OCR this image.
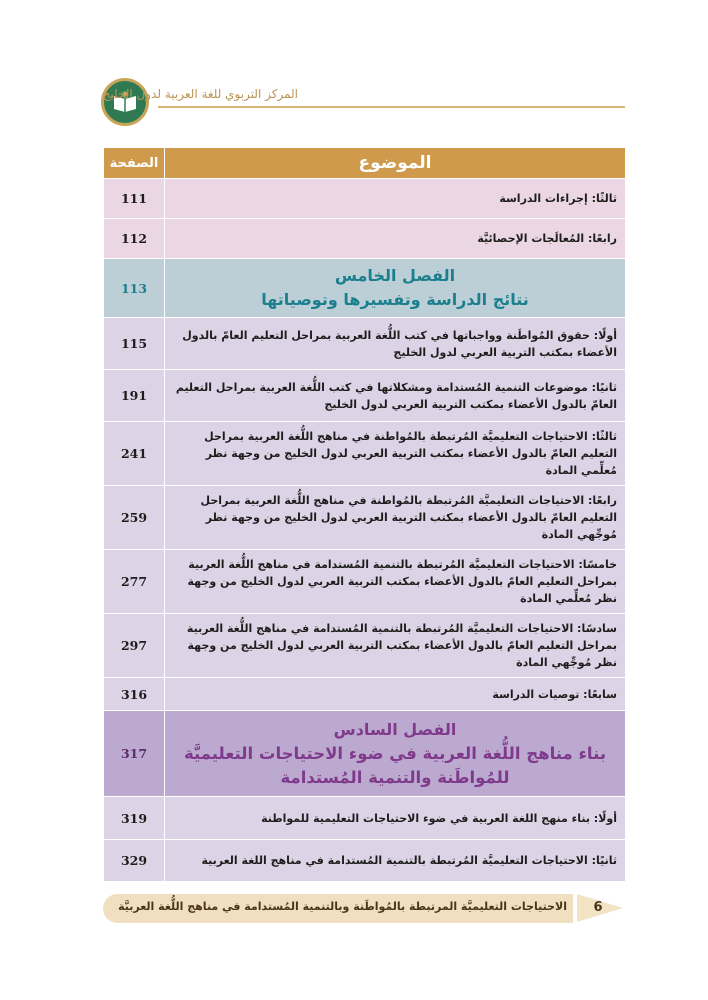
المركز التربوي للغة العربية لدول الخليج
الموضوع	الصفحة
ثالثًا: إجراءات الدراسة	111
رابعًا: المُعالَجات الإحصائيَّة	112

الفصل الخامس
نتائج الدراسة وتفسيرها وتوصياتها	113
أولًا: حقوق المُواطَنة وواجباتها في كتب اللُّغة العربية بمراحل التعليم العامّ بالدول الأعضاء بمكتب التربية العربي لدول الخليج	115
ثانيًا: موضوعات التنمية المُستدامة ومشكلاتها في كتب اللُّغة العربية بمراحل التعليم العامّ بالدول الأعضاء بمكتب التربية العربي لدول الخليج	191
ثالثًا: الاحتياجات التعليميَّة المُرتبطة بالمُواطنة في مناهج اللُّغة العربية بمراحل التعليم العامّ بالدول الأعضاء بمكتب التربية العربي لدول الخليج من وجهة نظر مُعلِّمي المادة	241
رابعًا: الاحتياجات التعليميَّة المُرتبطة بالمُواطنة في مناهج اللُّغة العربية بمراحل التعليم العامّ بالدول الأعضاء بمكتب التربية العربي لدول الخليج من وجهة نظر مُوجِّهي المادة	259
خامسًا: الاحتياجات التعليميَّة المُرتبطة بالتنمية المُستدامة في مناهج اللُّغة العربية بمراحل التعليم العامّ بالدول الأعضاء بمكتب التربية العربي لدول الخليج من وجهة نظر مُعلِّمي المادة	277
سادسًا: الاحتياجات التعليميَّة المُرتبطة بالتنمية المُستدامة في مناهج اللُّغة العربية بمراحل التعليم العامّ بالدول الأعضاء بمكتب التربية العربي لدول الخليج من وجهة نظر مُوجِّهي المادة	297
سابعًا: توصيات الدراسة	316

الفصل السادس
بناء مناهج اللُّغة العربية في ضوء الاحتياجات التعليميَّة للمُواطَنة والتنمية المُستدامة	317
أولًا: بناء منهج اللغة العربية في ضوء الاحتياجات التعليمية للمواطنة	319
ثانيًا: الاحتياجات التعليميَّة المُرتبطة بالتنمية المُستدامة في مناهج اللغة العربية	329
الاحتياجات التعليميَّة المرتبطة بالمُواطَنة وبالتنمية المُستدامة في مناهج اللُّغة العربيَّة	6
